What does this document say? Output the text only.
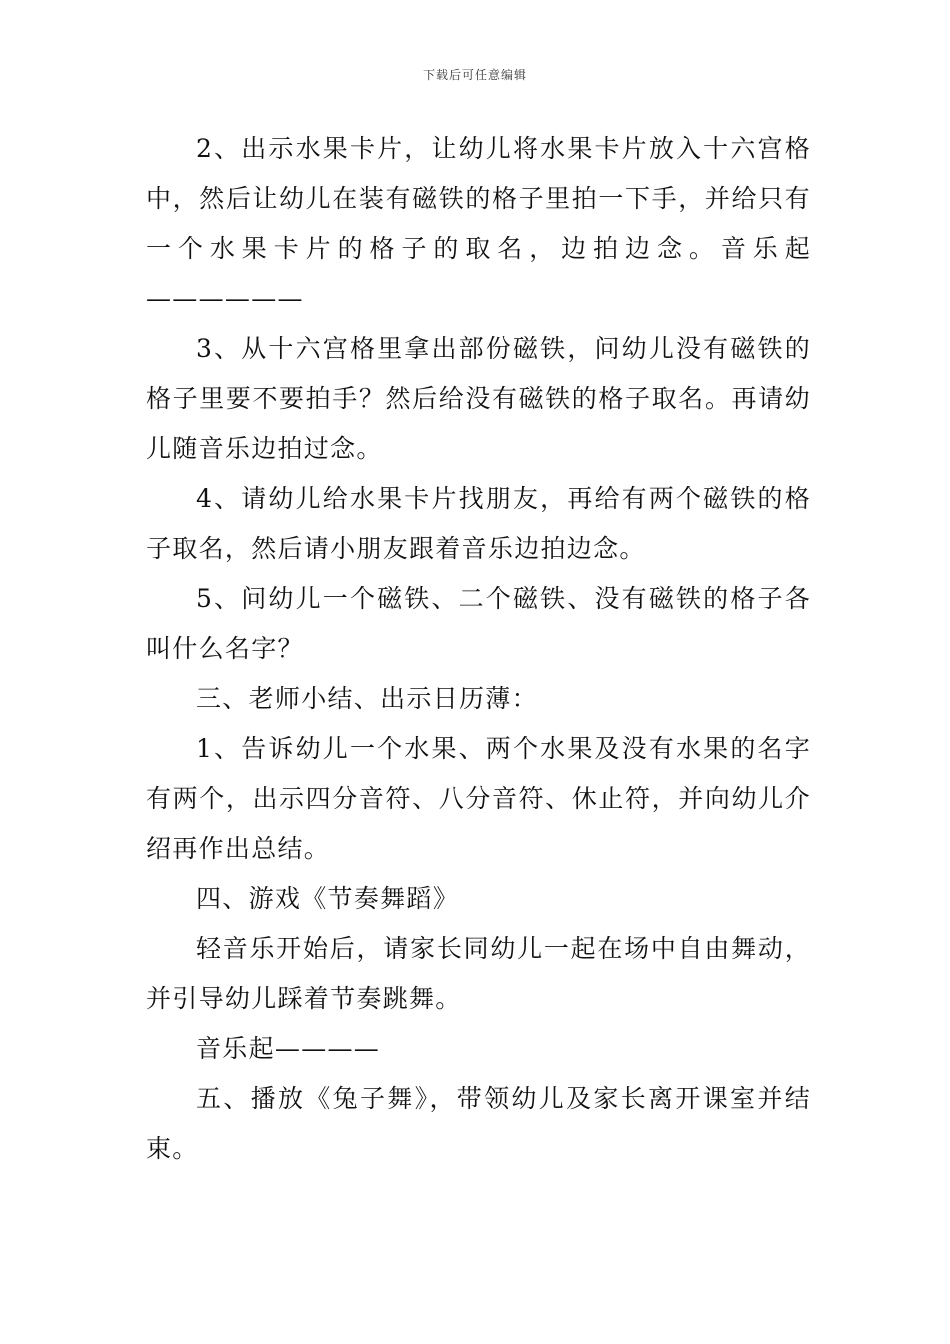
下载后可任意编辑

2、出示水果卡片，让幼儿将水果卡片放入十六宫格中，然后让幼儿在装有磁铁的格子里拍一下手，并给只有一个水果卡片的格子的取名，边拍边念。音乐起——————

3、从十六宫格里拿出部份磁铁，问幼儿没有磁铁的格子里要不要拍手？然后给没有磁铁的格子取名。再请幼儿随音乐边拍过念。

4、请幼儿给水果卡片找朋友，再给有两个磁铁的格子取名，然后请小朋友跟着音乐边拍边念。

5、问幼儿一个磁铁、二个磁铁、没有磁铁的格子各叫什么名字？

三、老师小结、出示日历薄：

1、告诉幼儿一个水果、两个水果及没有水果的名字有两个，出示四分音符、八分音符、休止符，并向幼儿介绍再作出总结。

四、游戏《节奏舞蹈》

轻音乐开始后，请家长同幼儿一起在场中自由舞动，并引导幼儿踩着节奏跳舞。

音乐起————

五、播放《兔子舞》，带领幼儿及家长离开课室并结束。
